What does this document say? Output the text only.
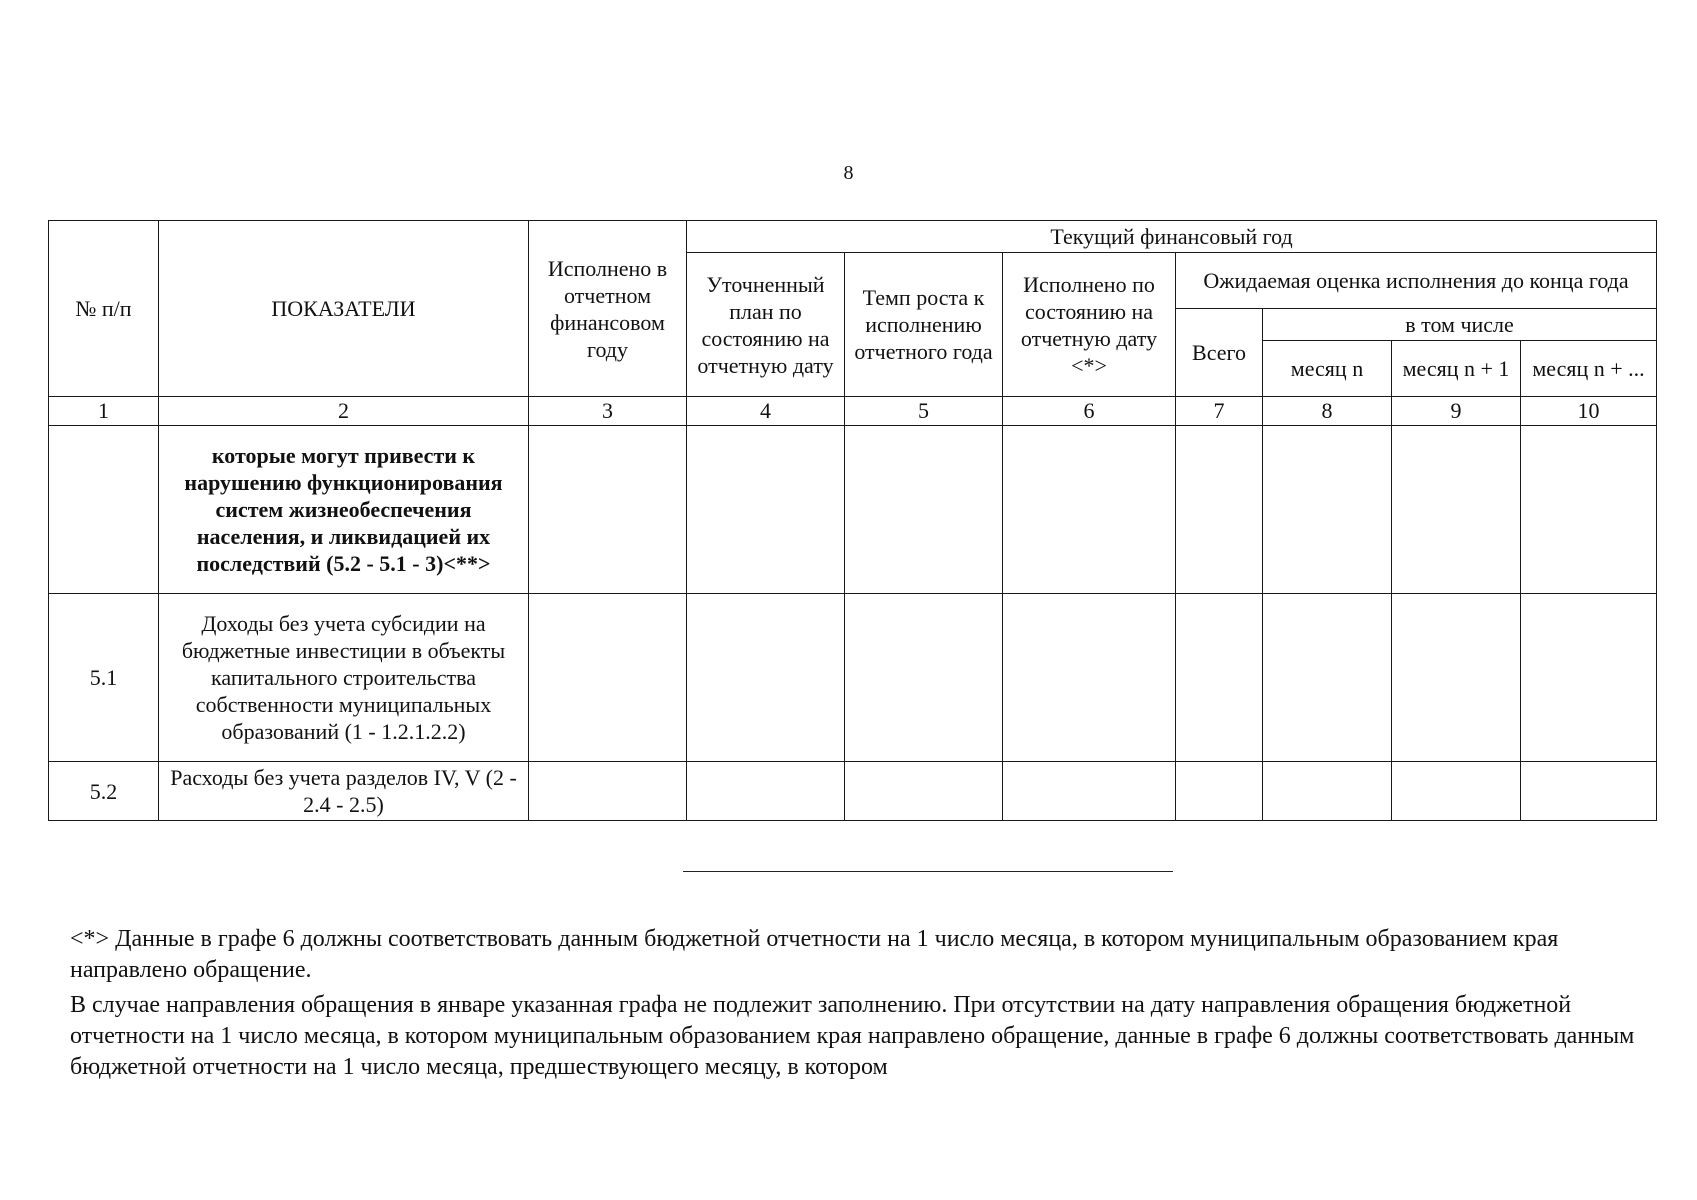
8
№ п/п	ПОКАЗАТЕЛИ	Исполнено в отчетном финансовом году	Текущий финансовый год						
			Уточненный план по состоянию на отчетную дату	Темп роста к исполнению отчетного года	Исполнено по состоянию на отчетную дату <*>	Ожидаемая оценка исполнения до конца года			
						Всего	в том числе		
							месяц n	месяц n + 1	месяц n + ...
1	2	3	4	5	6	7	8	9	10
	которые могут привести к нарушению функционирования систем жизнеобеспечения населения, и ликвидацией их последствий (5.2 - 5.1 - 3)<**>								
5.1	Доходы без учета субсидии на бюджетные инвестиции в объекты капитального строительства собственности муниципальных образований (1 - 1.2.1.2.2)								
5.2	Расходы без учета разделов IV, V (2 - 2.4 - 2.5)								
<*> Данные в графе 6 должны соответствовать данным бюджетной отчетности на 1 число месяца, в котором муниципальным образованием края направлено обращение.
В случае направления обращения в январе указанная графа не подлежит заполнению. При отсутствии на дату направления обращения бюджетной отчетности на 1 число месяца, в котором муниципальным образованием края направлено обращение, данные в графе 6 должны соответствовать данным бюджетной отчетности на 1 число месяца, предшествующего месяцу, в котором
